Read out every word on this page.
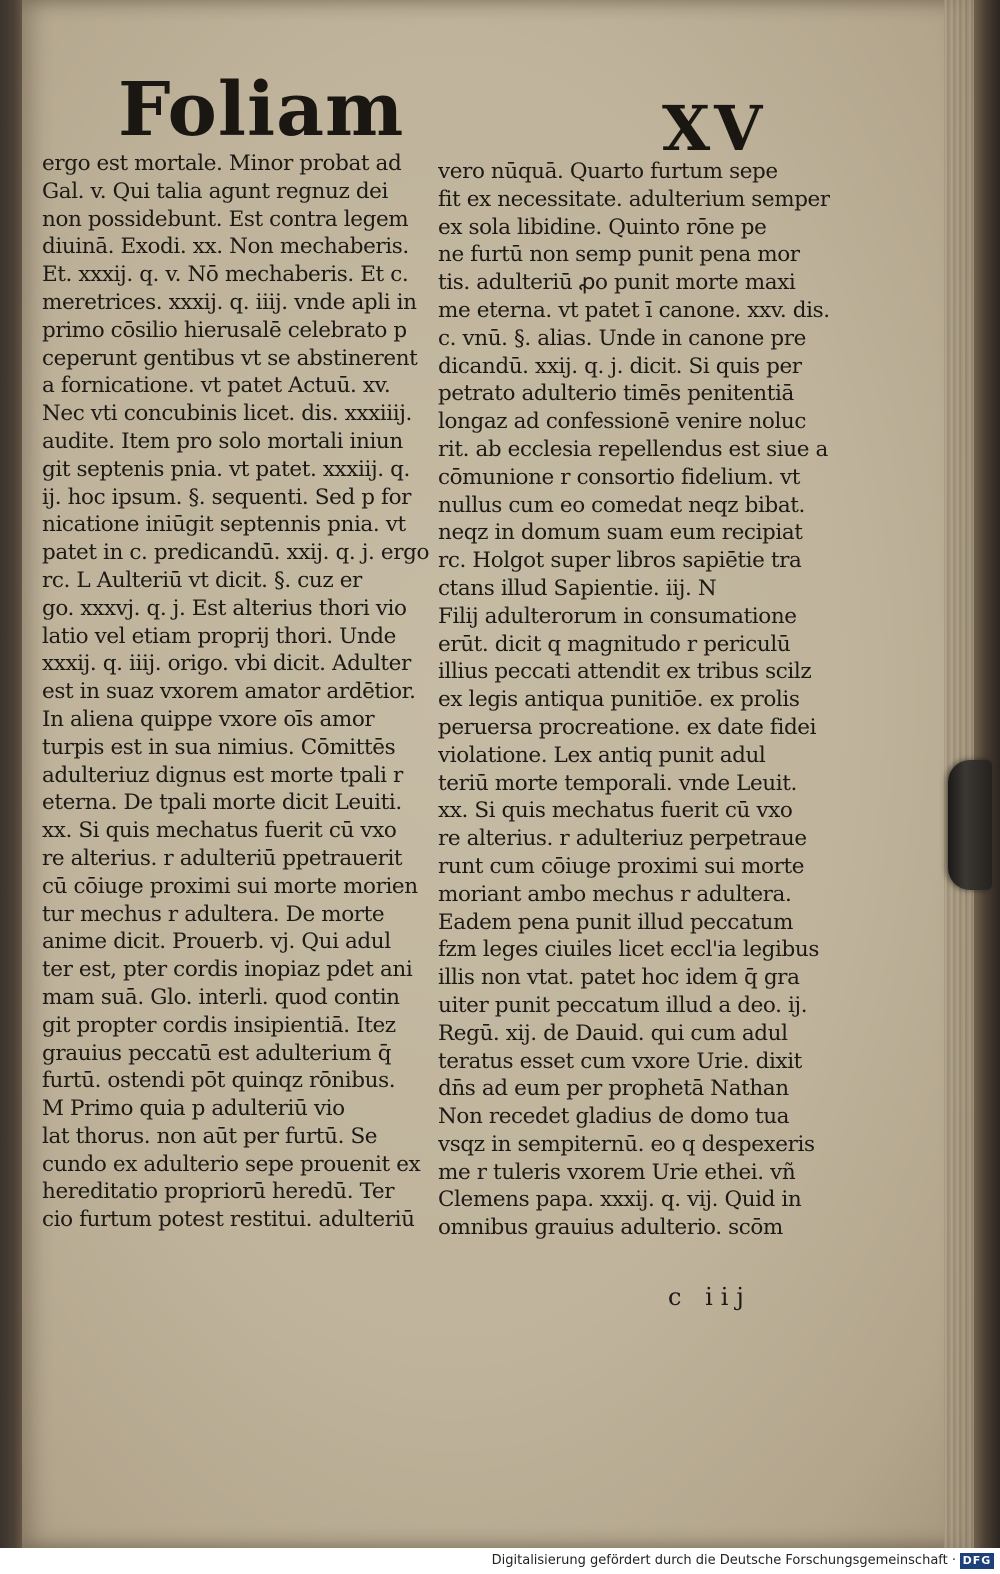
Foliam	XV
ergo est mortale. Minor probat ad
Gal. v. Qui talia agunt regnuz dei
non possidebunt. Est contra legem
diuinā. Exodi. xx. Non mechaberis.
Et. xxxij. q. v. Nō mechaberis. Et c.
meretrices. xxxij. q. iiij. vnde apli in
primo cōsilio hierusalē celebrato p
ceperunt gentibus vt se abstinerent
a fornicatione. vt patet Actuū. xv.
Nec vti concubinis licet. dis. xxxiiij.
audite. Item pro solo mortali iniun
git septenis pnia. vt patet. xxxiij. q.
ij. hoc ipsum. §. sequenti. Sed p for
nicatione iniūgit septennis pnia. vt
patet in c. predicandū. xxij. q. j. ergo
rc. L Aulteriū vt dicit. §. cuz er
go. xxxvj. q. j. Est alterius thori vio
latio vel etiam proprij thori. Unde
xxxij. q. iiij. origo. vbi dicit. Adulter
est in suaz vxorem amator ardētior.
In aliena quippe vxore oīs amor
turpis est in sua nimius. Cōmittēs
adulteriuz dignus est morte tpali r
eterna. De tpali morte dicit Leuiti.
xx. Si quis mechatus fuerit cū vxo
re alterius. r adulteriū ppetrauerit
cū cōiuge proximi sui morte morien
tur mechus r adultera. De morte
anime dicit. Prouerb. vj. Qui adul
ter est, pter cordis inopiaz pdet ani
mam suā. Glo. interli. quod contin
git propter cordis insipientiā. Itez
grauius peccatū est adulterium q̄
furtū. ostendi pōt quinqz rōnibus.
M Primo quia p adulteriū vio
lat thorus. non aūt per furtū. Se
cundo ex adulterio sepe prouenit ex
hereditatio propriorū heredū. Ter
cio furtum potest restitui. adulteriū
vero nūquā. Quarto furtum sepe
fit ex necessitate. adulterium semper
ex sola libidine. Quinto rōne pe
ne furtū non semp punit pena mor
tis. adulteriū ꝓo punit morte maxi
me eterna. vt patet ī canone. xxv. dis.
c. vnū. §. alias. Unde in canone pre
dicandū. xxij. q. j. dicit. Si quis per
petrato adulterio timēs penitentiā
longaz ad confessionē venire noluc
rit. ab ecclesia repellendus est siue a
cōmunione r consortio fidelium. vt
nullus cum eo comedat neqz bibat.
neqz in domum suam eum recipiat
rc. Holgot super libros sapiētie tra
ctans illud Sapientie. iij. N
Filij adulterorum in consumatione
erūt. dicit q magnitudo r periculū
illius peccati attendit ex tribus scilz
ex legis antiqua punitiōe. ex prolis
peruersa procreatione. ex date fidei
violatione. Lex antiq punit adul
teriū morte temporali. vnde Leuit.
xx. Si quis mechatus fuerit cū vxo
re alterius. r adulteriuz perpetraue
runt cum cōiuge proximi sui morte
moriant ambo mechus r adultera.
Eadem pena punit illud peccatum
fzm leges ciuiles licet eccl'ia legibus
illis non vtat. patet hoc idem q̄ gra
uiter punit peccatum illud a deo. ij.
Regū. xij. de Dauid. qui cum adul
teratus esset cum vxore Urie. dixit
dn̄s ad eum per prophetā Nathan
Non recedet gladius de domo tua
vsqz in sempiternū. eo q despexeris
me r tuleris vxorem Urie ethei. vñ
Clemens papa. xxxij. q. vij. Quid in
omnibus grauius adulterio. scōm
c iij
Digitalisierung gefördert durch die Deutsche Forschungsgemeinschaft · DFG
